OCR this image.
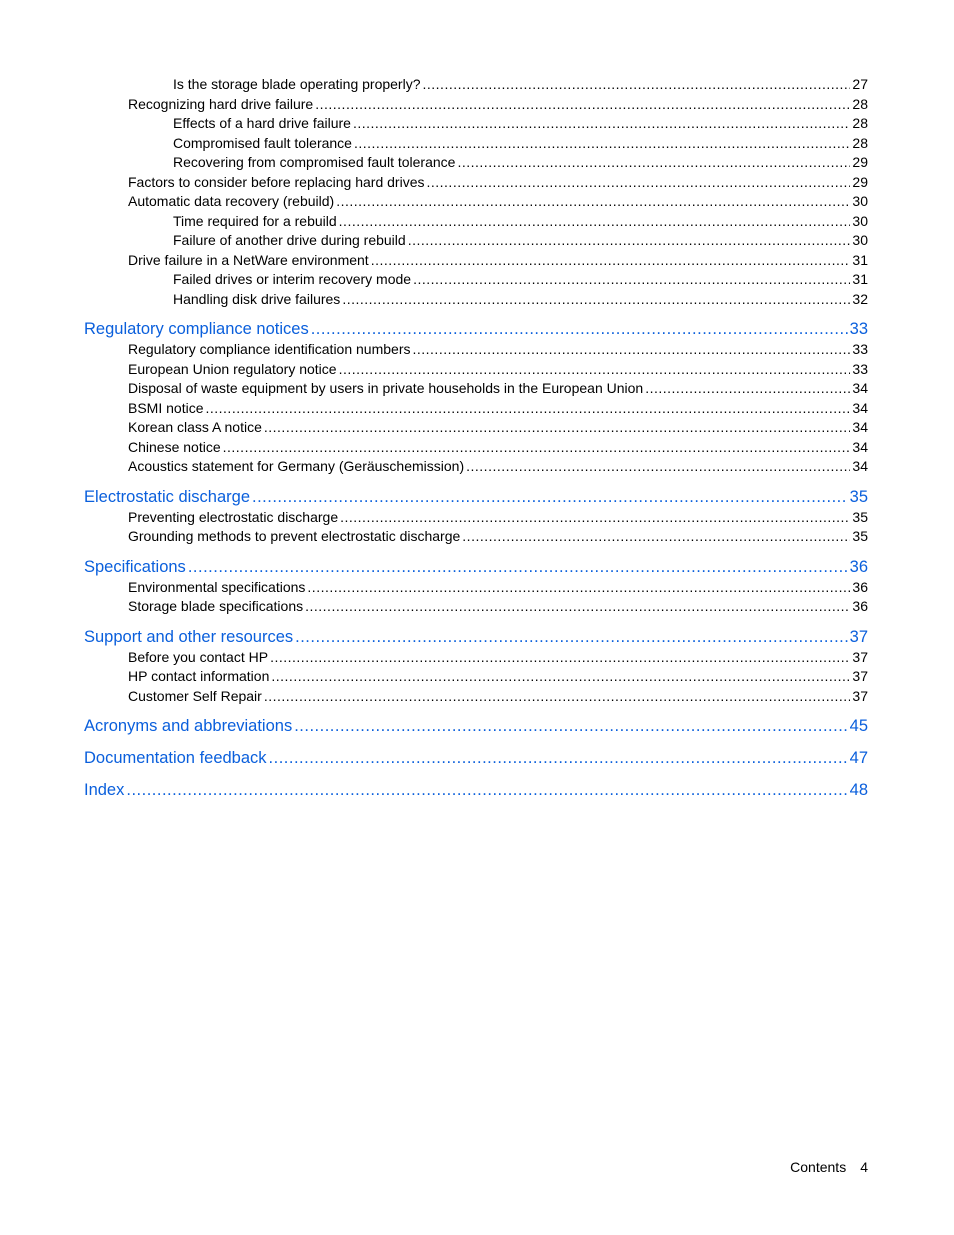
Is the storage blade operating properly? .....	27
Recognizing hard drive failure .....	28
Effects of a hard drive failure .....	28
Compromised fault tolerance .....	28
Recovering from compromised fault tolerance .....	29
Factors to consider before replacing hard drives .....	29
Automatic data recovery (rebuild) .....	30
Time required for a rebuild .....	30
Failure of another drive during rebuild .....	30
Drive failure in a NetWare environment .....	31
Failed drives or interim recovery mode .....	31
Handling disk drive failures .....	32
Regulatory compliance notices .....	33
Regulatory compliance identification numbers .....	33
European Union regulatory notice .....	33
Disposal of waste equipment by users in private households in the European Union .....	34
BSMI notice .....	34
Korean class A notice .....	34
Chinese notice .....	34
Acoustics statement for Germany (Geräuschemission) .....	34
Electrostatic discharge .....	35
Preventing electrostatic discharge .....	35
Grounding methods to prevent electrostatic discharge .....	35
Specifications .....	36
Environmental specifications .....	36
Storage blade specifications .....	36
Support and other resources .....	37
Before you contact HP .....	37
HP contact information .....	37
Customer Self Repair .....	37
Acronyms and abbreviations .....	45
Documentation feedback .....	47
Index .....	48
Contents 4
